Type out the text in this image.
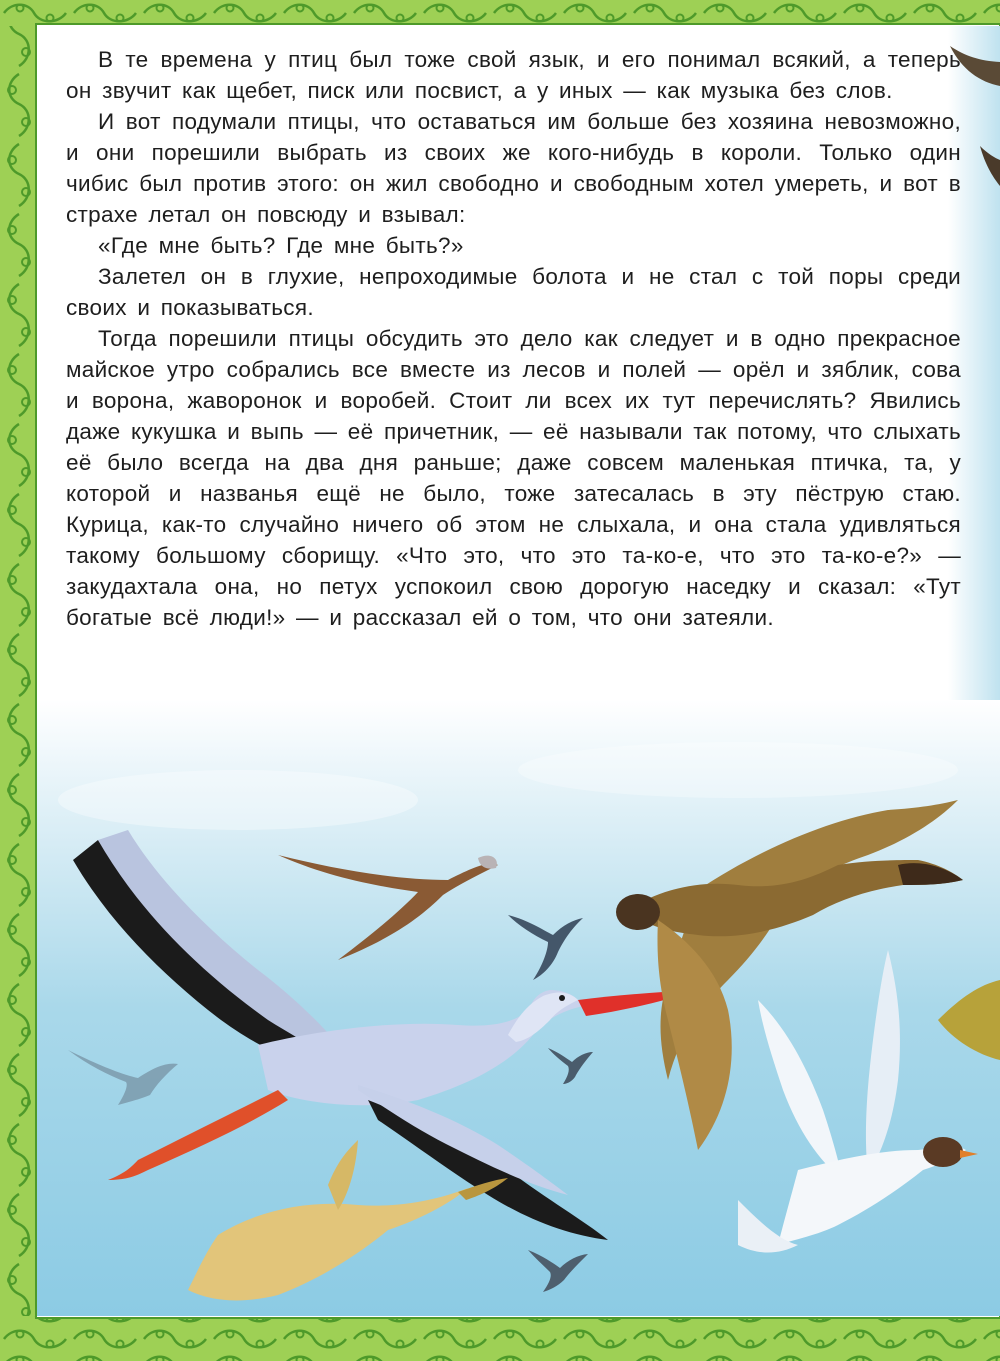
В те времена у птиц был тоже свой язык, и его понимал всякий, а теперь он звучит как щебет, писк или посвист, а у иных — как музыка без слов.

И вот подумали птицы, что оставаться им больше без хозяина невозможно, и они порешили выбрать из своих же кого-нибудь в короли. Только один чибис был против этого: он жил свободно и свободным хотел умереть, и вот в страхе летал он повсюду и взывал:

«Где мне быть? Где мне быть?»

Залетел он в глухие, непроходимые болота и не стал с той поры среди своих и показываться.

Тогда порешили птицы обсудить это дело как следует и в одно прекрасное майское утро собрались все вместе из лесов и полей — орёл и зяблик, сова и ворона, жаворонок и воробей. Стоит ли всех их тут перечислять? Явились даже кукушка и выпь — её причетник, — её называли так потому, что слыхать её было всегда на два дня раньше; даже совсем маленькая птичка, та, у которой и названья ещё не было, тоже затесалась в эту пёструю стаю. Курица, как-то случайно ничего об этом не слыхала, и она стала удивляться такому большому сборищу. «Что это, что это та-ко-е, что это та-ко-е?» — закудахтала она, но петух успокоил свою дорогую наседку и сказал: «Тут богатые всё люди!» — и рассказал ей о том, что они затеяли.
